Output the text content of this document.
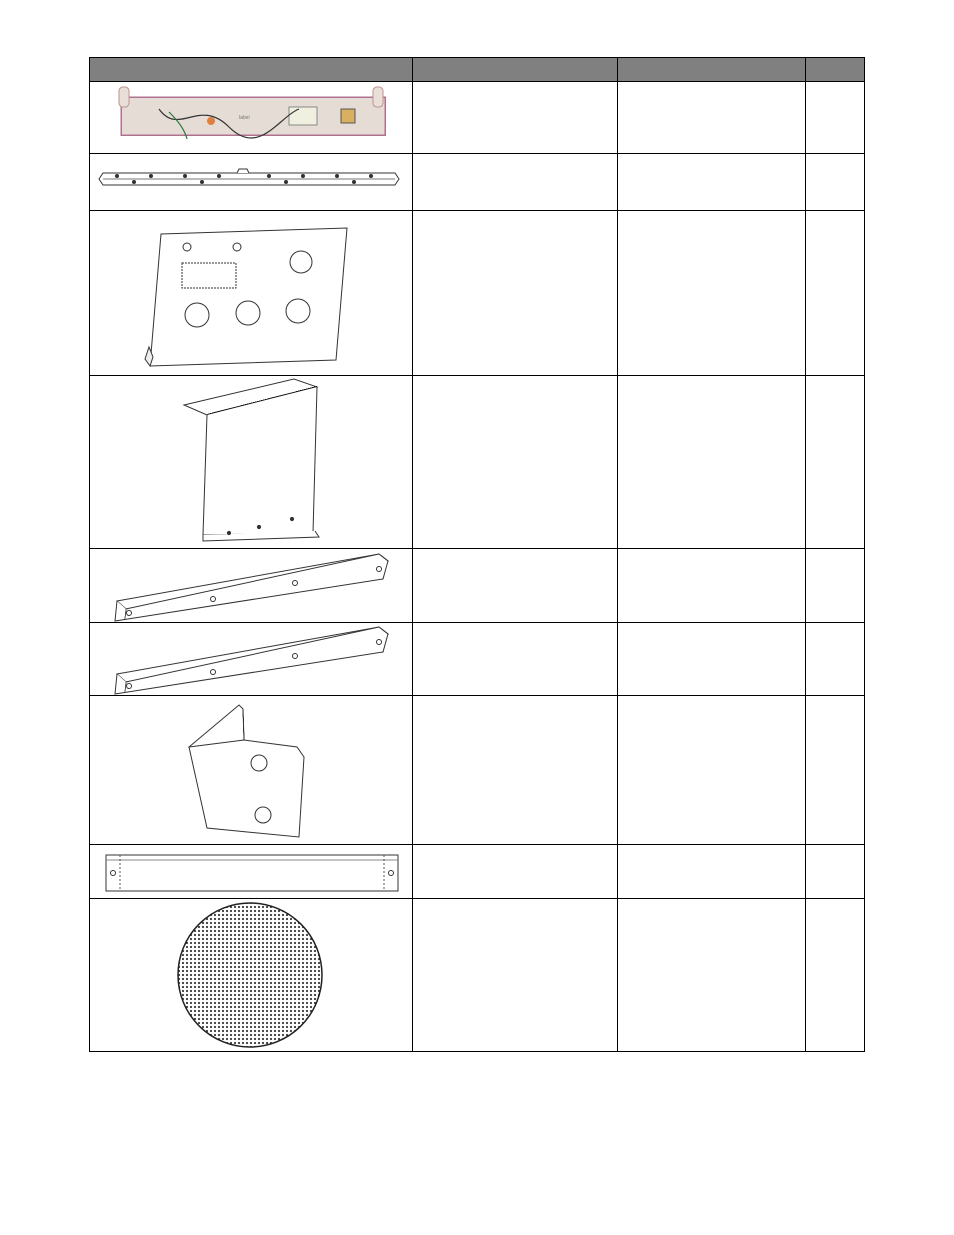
label
